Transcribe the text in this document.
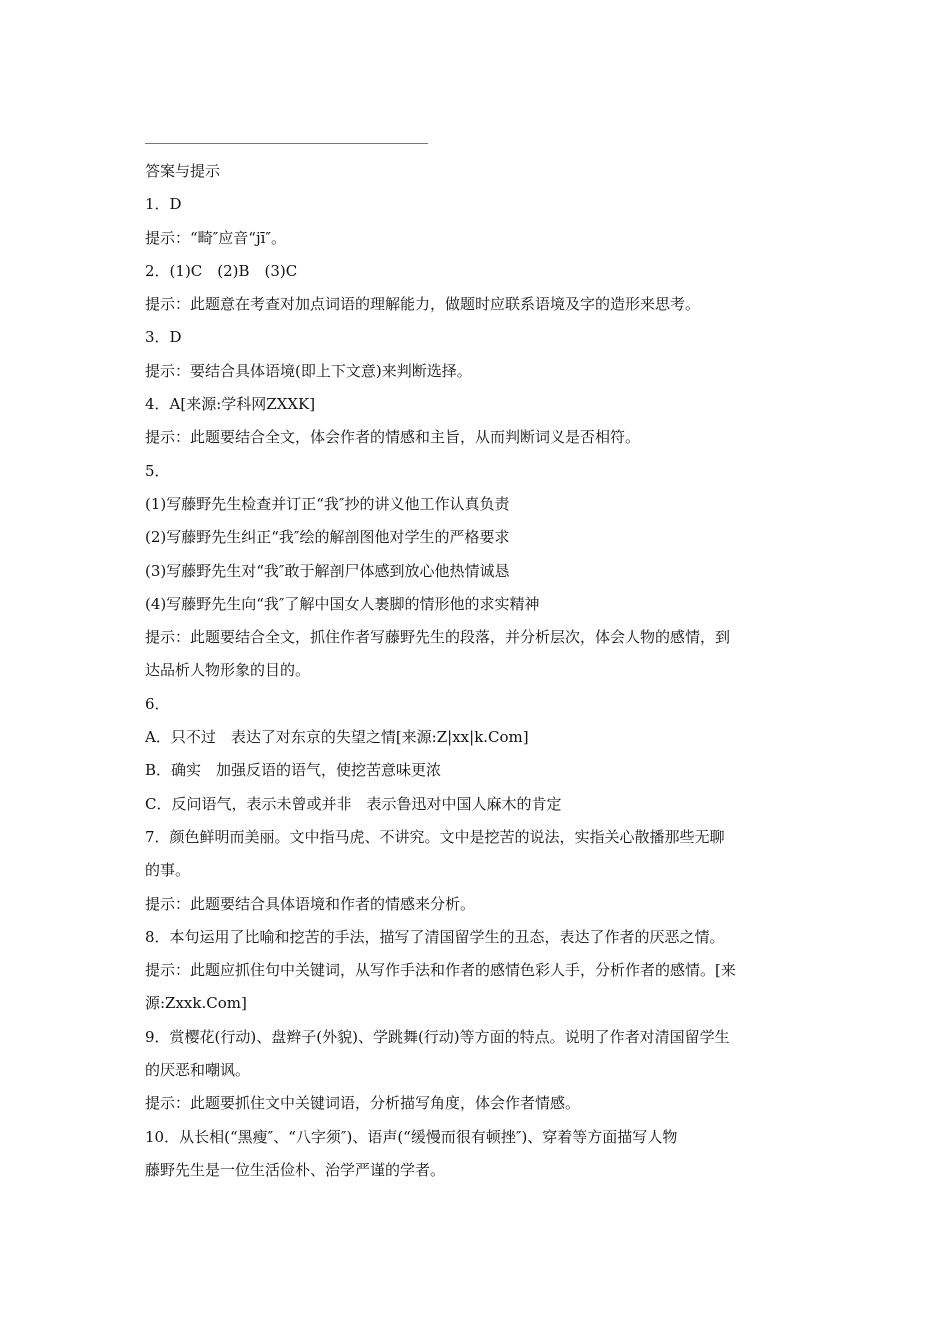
答案与提示
1．D
提示：“畸″应音“jī″。
2．(1)C　(2)B　(3)C
提示：此题意在考查对加点词语的理解能力，做题时应联系语境及字的造形来思考。
3．D
提示：要结合具体语境(即上下文意)来判断选择。
4．A[来源:学科网ZXXK]
提示：此题要结合全文，体会作者的情感和主旨，从而判断词义是否相符。
5．
(1)写藤野先生检查并订正“我″抄的讲义他工作认真负责
(2)写藤野先生纠正“我″绘的解剖图他对学生的严格要求
(3)写藤野先生对“我″敢于解剖尸体感到放心他热情诚恳
(4)写藤野先生向“我″了解中国女人裹脚的情形他的求实精神
提示：此题要结合全文，抓住作者写藤野先生的段落，并分析层次，体会人物的感情，到
达品析人物形象的目的。
6．
A．只不过　表达了对东京的失望之情[来源:Z|xx|k.Com]
B．确实　加强反语的语气，使挖苦意味更浓
C．反问语气，表示未曾或并非　表示鲁迅对中国人麻木的肯定
7．颜色鲜明而美丽。文中指马虎、不讲究。文中是挖苦的说法，实指关心散播那些无聊
的事。
提示：此题要结合具体语境和作者的情感来分析。
8．本句运用了比喻和挖苦的手法，描写了清国留学生的丑态，表达了作者的厌恶之情。
提示：此题应抓住句中关键词，从写作手法和作者的感情色彩人手，分析作者的感情。[来
源:Zxxk.Com]
9．赏樱花(行动)、盘辫子(外貌)、学跳舞(行动)等方面的特点。说明了作者对清国留学生
的厌恶和嘲讽。
提示：此题要抓住文中关键词语，分析描写角度，体会作者情感。
10．从长相(“黑瘦″、“八字须″)、语声(“缓慢而很有顿挫″)、穿着等方面描写人物
藤野先生是一位生活俭朴、治学严谨的学者。
